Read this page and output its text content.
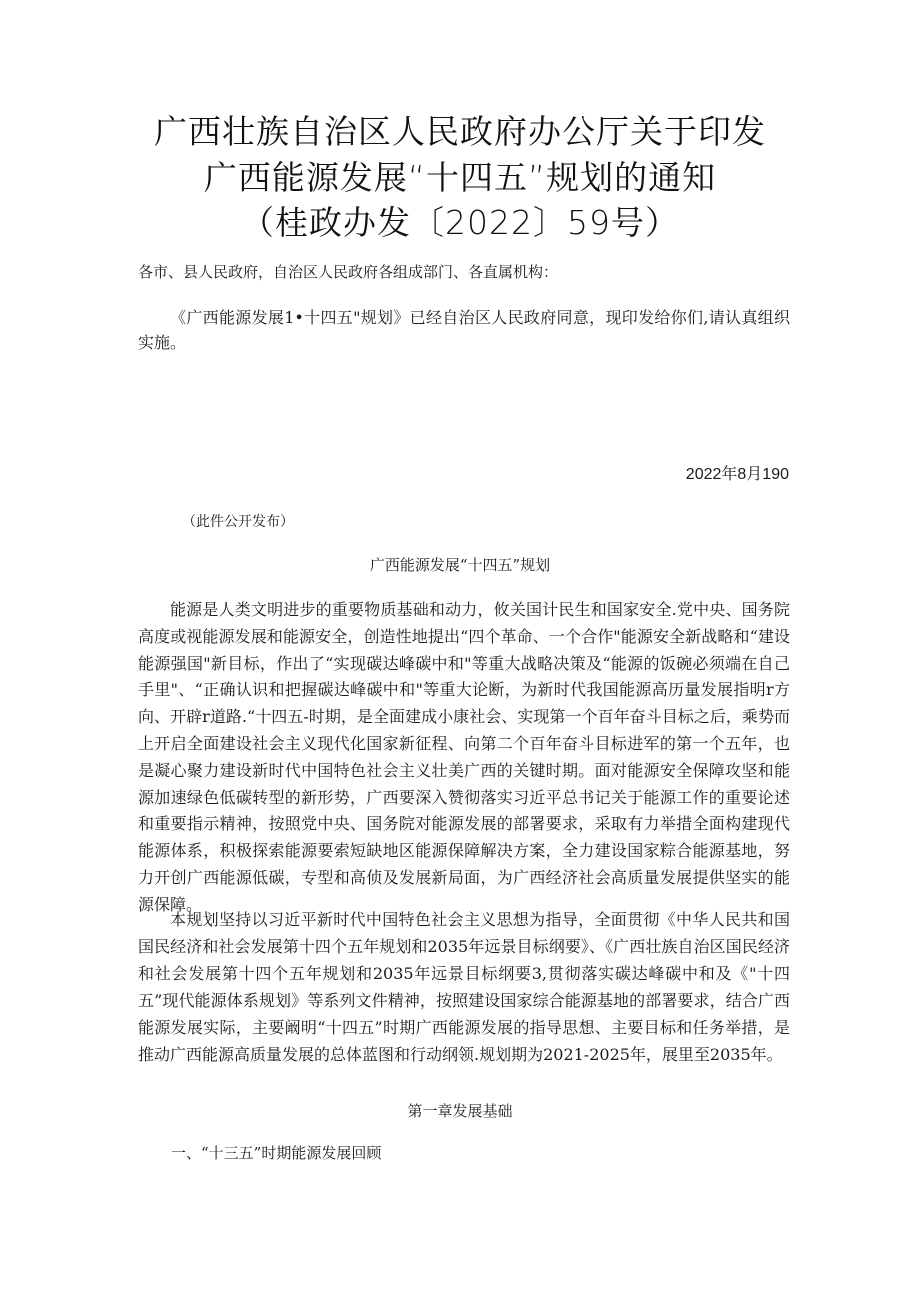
广西壮族自治区人民政府办公厅关于印发
广西能源发展“十四五”规划的通知
（桂政办发〔2022〕59号）
各市、县人民政府，自治区人民政府各组成部门、各直属机构：
《广西能源发展1•十四五"规划》已经自治区人民政府同意，现印发给你们,请认真组织实施。
2022年8月190
（此件公开发布）
广西能源发展“十四五”规划
能源是人类文明进步的重要物质基础和动力，攸关国计民生和国家安全.党中央、国务院高度或视能源发展和能源安全，创造性地提出“四个革命、一个合作"能源安全新战略和“建设能源强国"新目标，作出了“实现碳达峰碳中和"等重大战略决策及“能源的饭碗必须端在自己手里"、“正确认识和把握碳达峰碳中和"等重大论断，为新时代我国能源高历量发展指明r方向、开辟r道路.“十四五-时期，是全面建成小康社会、实现第一个百年奋斗目标之后，乘势而上开启全面建设社会主义现代化国家新征程、向第二个百年奋斗目标进军的第一个五年，也是凝心聚力建设新时代中国特色社会主义壮美广西的关键时期。面对能源安全保障攻坚和能源加速绿色低碳转型的新形势，广西要深入赞彻落实习近平总书记关于能源工作的重要论述和重要指示精神，按照党中央、国务院对能源发展的部署要求，采取有力举措全面构建现代能源体系，积极探索能源要索短缺地区能源保障解决方案，全力建设国家粽合能源基地，努力开创广西能源低碳，专型和高侦及发展新局面，为广西经济社会高质量发展提供坚实的能源保障。
本规划坚持以习近平新时代中国特色社会主义思想为指导，全面贯彻《中华人民共和国国民经济和社会发展第十四个五年规划和2035年远景目标纲要》、《广西壮族自治区国民经济和社会发展第十四个五年规划和2035年远景目标纲要3,贯彻落实碳达峰碳中和及《"十四五”现代能源体系规划》等系列文件精神，按照建设国家综合能源基地的部署要求，结合广西能源发展实际，主要阚明“十四五”时期广西能源发展的指导思想、主要目标和任务举措，是推动广西能源高质量发展的总体蓝图和行动纲领.规划期为2021-2025年，展里至2035年。
第一章发展基础
一、“十三五”时期能源发展回顾
